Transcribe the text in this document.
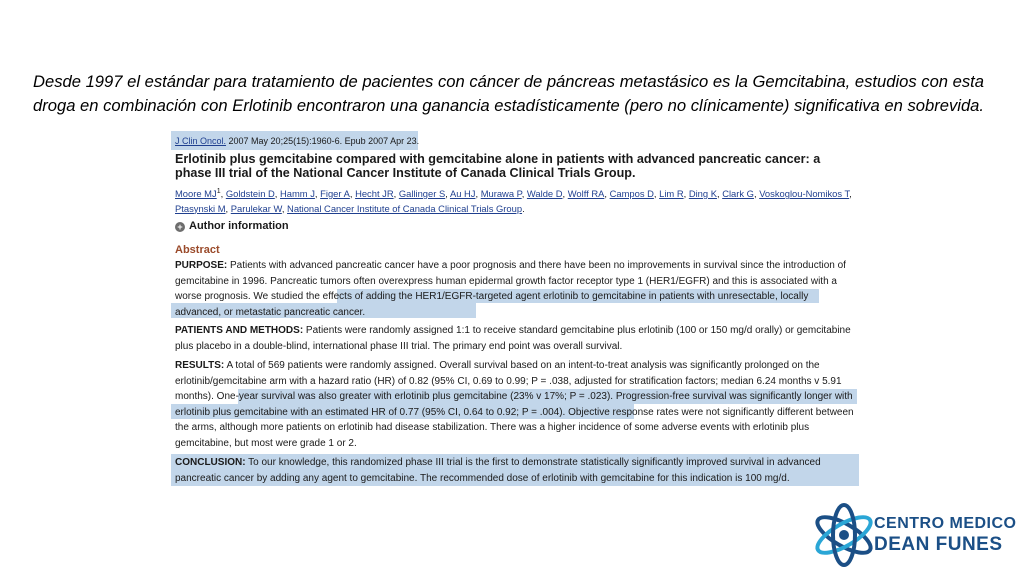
Desde 1997 el estándar para tratamiento de pacientes con cáncer de páncreas metastásico es la Gemcitabina, estudios con esta droga en combinación con Erlotinib encontraron una ganancia estadísticamente (pero no clínicamente) significativa en sobrevida.

J Clin Oncol. 2007 May 20;25(15):1960-6. Epub 2007 Apr 23.
Erlotinib plus gemcitabine compared with gemcitabine alone in patients with advanced pancreatic cancer: a phase III trial of the National Cancer Institute of Canada Clinical Trials Group.
Moore $MJ^1$, Goldstein D, Hamm J, Figer A, Hecht JR, Gallinger S, Au HJ, Murawa P, Walde D, Wolff RA, Campos D, Lim R, Ding K, Clark G, Voskoglou-Nomikos T, Ptasynski M, Parulekar W, National Cancer Institute of Canada Clinical Trials Group.
+ Author information
Abstract

PURPOSE: Patients with advanced pancreatic cancer have a poor prognosis and there have been no improvements in survival since the introduction of gemcitabine in 1996. Pancreatic tumors often overexpress human epidermal growth factor receptor type 1 (HER1/EGFR) and this is associated with a worse prognosis. We studied the effects of adding the HER1/EGFR-targeted agent erlotinib to gemcitabine in patients with unresectable, locally advanced, or metastatic pancreatic cancer.

PATIENTS AND METHODS: Patients were randomly assigned 1:1 to receive standard gemcitabine plus erlotinib (100 or 150 mg/d orally) or gemcitabine plus placebo in a double-blind, international phase III trial. The primary end point was overall survival.

RESULTS: A total of 569 patients were randomly assigned. Overall survival based on an intent-to-treat analysis was significantly prolonged on the erlotinib/gemcitabine arm with a hazard ratio (HR) of 0.82 (95% CI, 0.69 to 0.99; P = .038, adjusted for stratification factors; median 6.24 months v 5.91 months). One-year survival was also greater with erlotinib plus gemcitabine (23% v 17%; P = .023). Progression-free survival was significantly longer with erlotinib plus gemcitabine with an estimated HR of 0.77 (95% CI, 0.64 to 0.92; P = .004). Objective response rates were not significantly different between the arms, although more patients on erlotinib had disease stabilization. There was a higher incidence of some adverse events with erlotinib plus gemcitabine, but most were grade 1 or 2.

CONCLUSION: To our knowledge, this randomized phase III trial is the first to demonstrate statistically significantly improved survival in advanced pancreatic cancer by adding any agent to gemcitabine. The recommended dose of erlotinib with gemcitabine for this indication is 100 mg/d.

CENTRO MEDICO
DEAN FUNES
